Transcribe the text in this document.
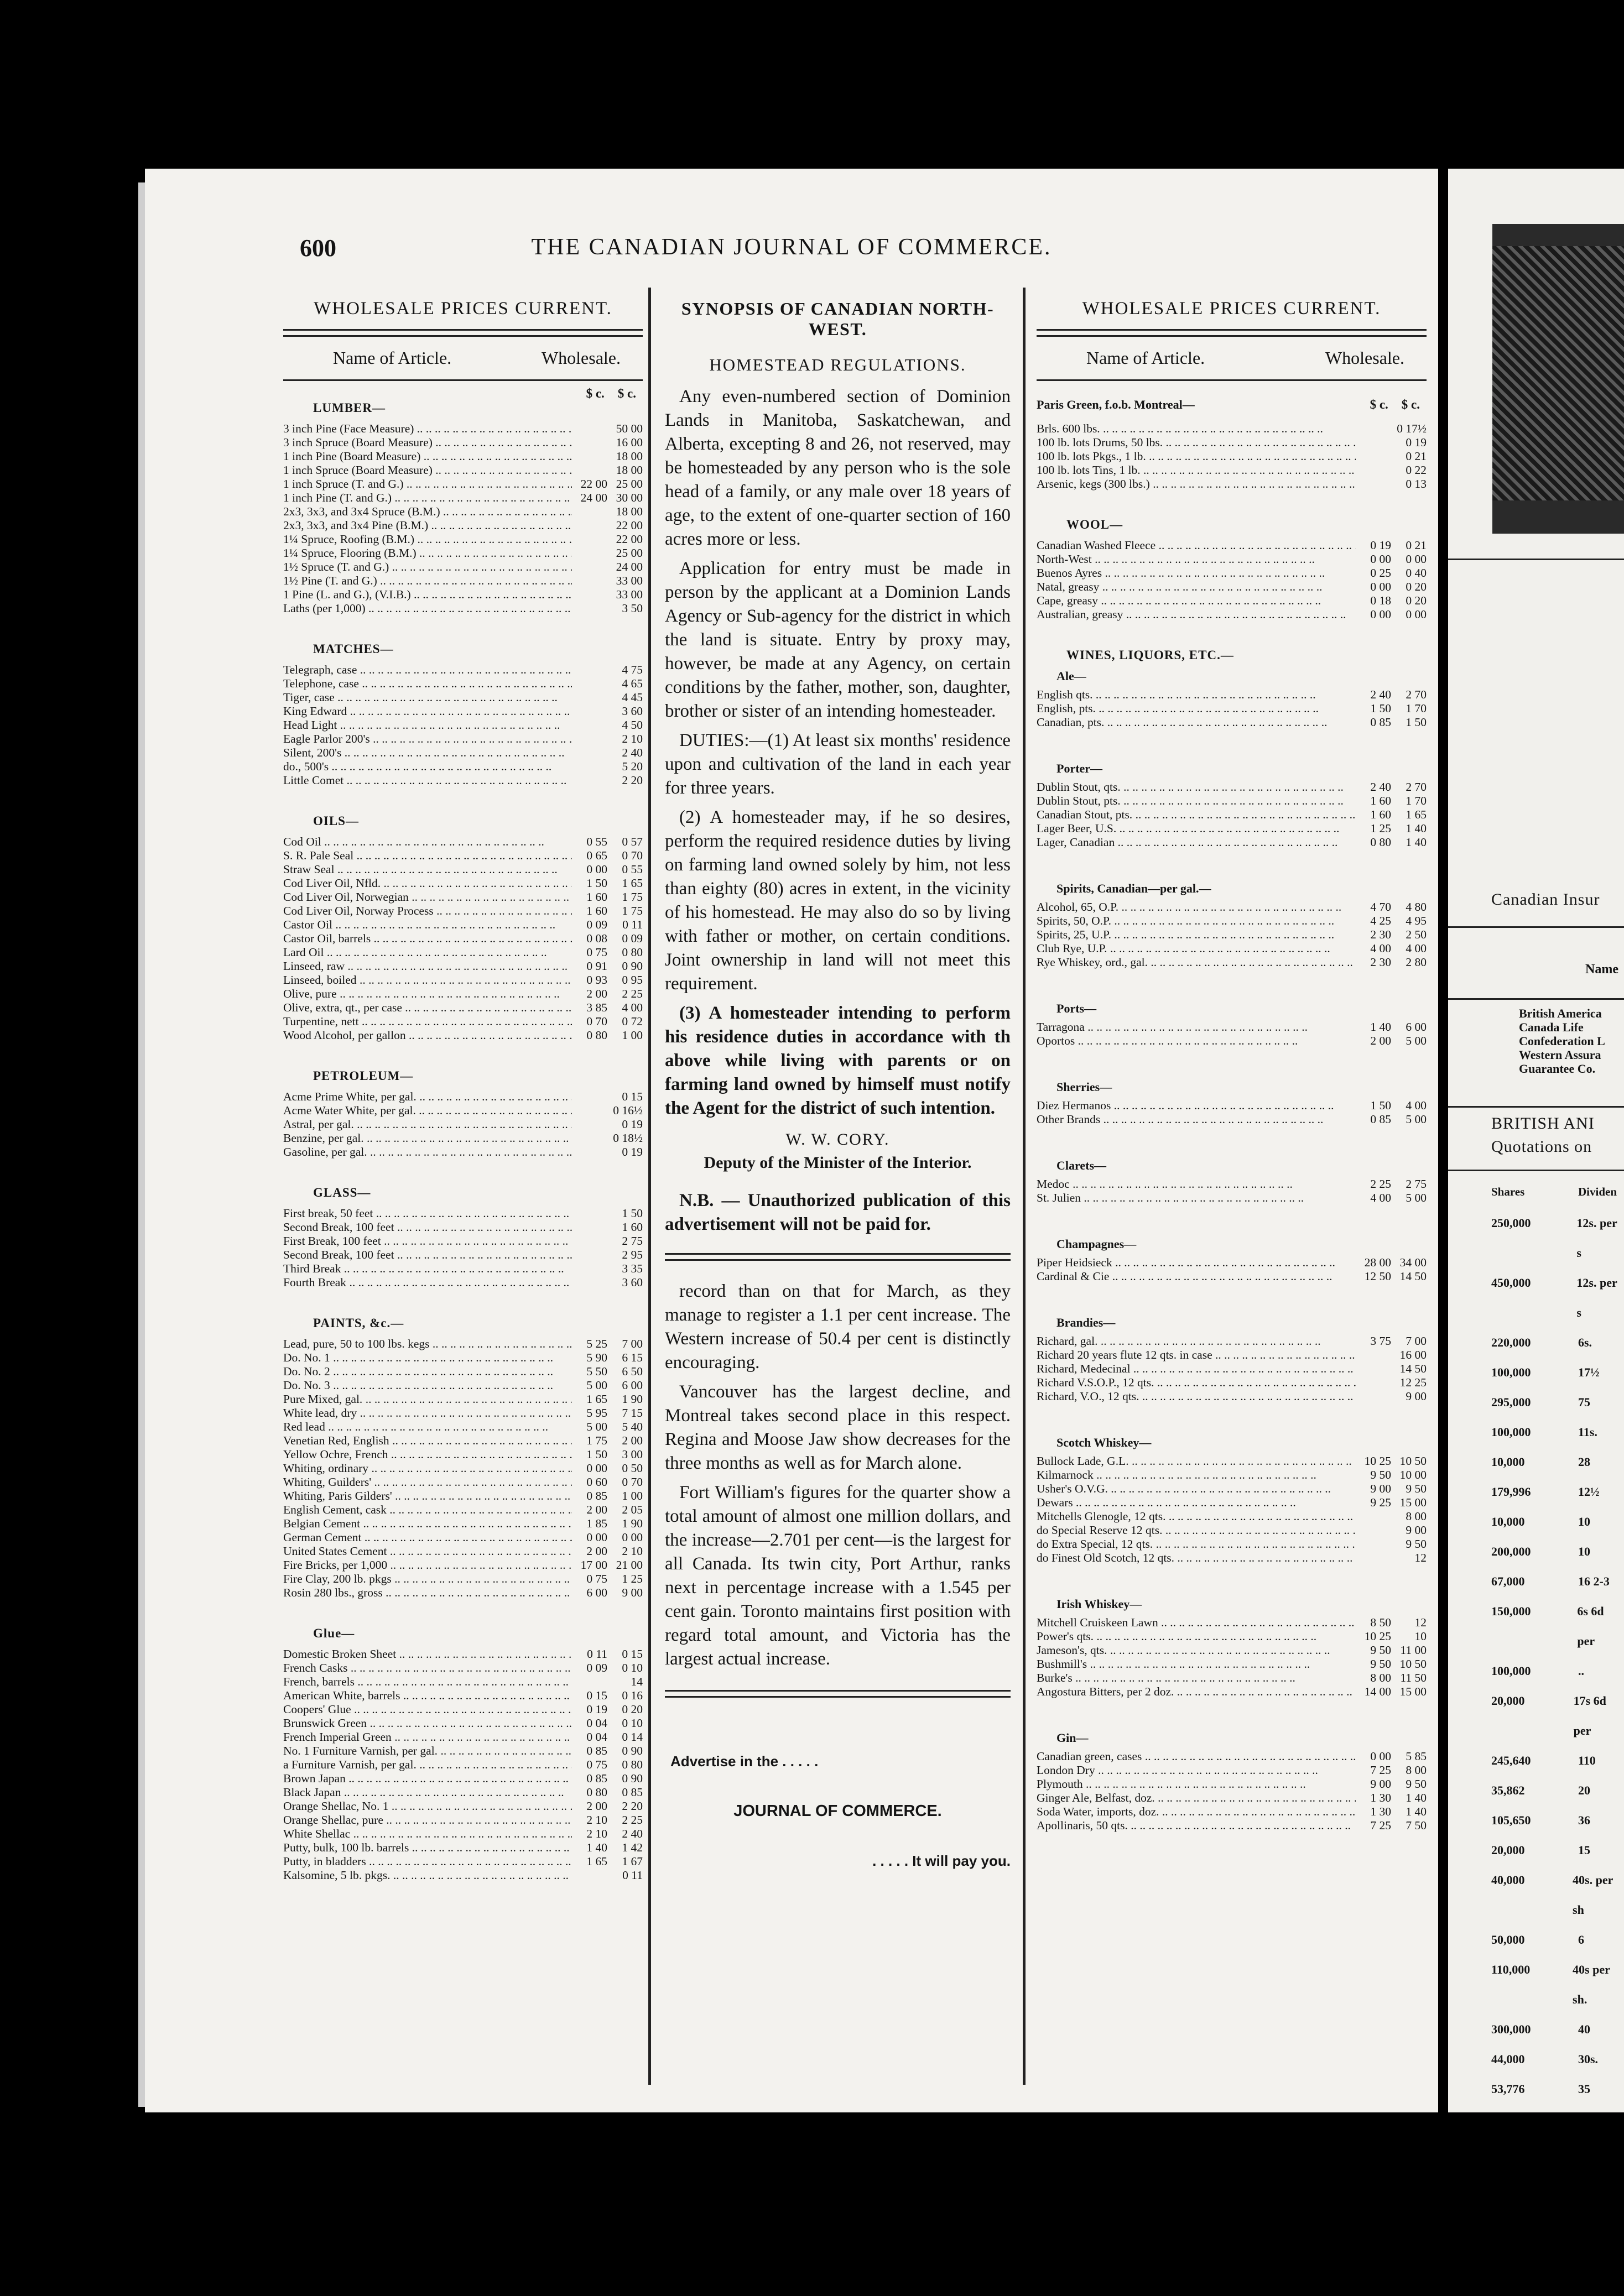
600	THE CANADIAN JOURNAL OF COMMERCE.

WHOLESALE PRICES CURRENT.

Name of Article.	Wholesale.
$ c. $ c.
LUMBER—
3 inch Pine (Face Measure) .. ..	50 00
3 inch Spruce (Board Measure) .. ..	16 00
1 inch Pine (Board Measure) .. ..	18 00
1 inch Spruce (Board Measure) .. ..	18 00
1 inch Spruce (T. and G.) .. ..	22 00 25 00
1 inch Pine (T. and G.) .. ..	24 00 30 00
2x3, 3x3, and 3x4 Spruce (B.M.) .. ..	18 00
2x3, 3x3, and 3x4 Pine (B.M.) .. ..	22 00
1¼ Spruce, Roofing (B.M.) .. ..	22 00
1¼ Spruce, Flooring (B.M.) .. ..	25 00
1½ Spruce (T. and G.) .. ..	24 00
1½ Pine (T. and G.) .. ..	33 00
1 Pine (L. and G.), (V.I.B.) .. ..	33 00
Laths (per 1,000) .. ..	3 50
MATCHES—
Telegraph, case .. ..	4 75
Telephone, case .. ..	4 65
Tiger, case .. ..	4 45
King Edward .. ..	3 60
Head Light .. ..	4 50
Eagle Parlor 200's .. ..	2 10
Silent, 200's .. ..	2 40
do., 500's .. ..	5 20
Little Comet .. ..	2 20
OILS—
Cod Oil .. ..	0 55	0 57
S. R. Pale Seal .. ..	0 65	0 70
Straw Seal .. ..	0 00	0 55
Cod Liver Oil, Nfld. .. ..	1 50	1 65
Cod Liver Oil, Norwegian .. ..	1 60	1 75
Cod Liver Oil, Norway Process .. ..	1 60	1 75
Castor Oil .. ..	0 09	0 11
Castor Oil, barrels .. ..	0 08	0 09
Lard Oil .. ..	0 75	0 80
Linseed, raw .. ..	0 91	0 90
Linseed, boiled .. ..	0 93	0 95
Olive, pure .. ..	2 00	2 25
Olive, extra, qt., per case .. ..	3 85	4 00
Turpentine, nett .. ..	0 70	0 72
Wood Alcohol, per gallon .. ..	0 80	1 00
PETROLEUM—
Acme Prime White, per gal. .. ..	0 15
Acme Water White, per gal. .. ..	0 16½
Astral, per gal. .. ..	0 19
Benzine, per gal. .. ..	0 18½
Gasoline, per gal. .. ..	0 19
GLASS—
First break, 50 feet .. ..	1 50
Second Break, 100 feet .. ..	1 60
First Break, 100 feet .. ..	2 75
Second Break, 100 feet .. ..	2 95
Third Break .. ..	3 35
Fourth Break .. ..	3 60
PAINTS, &c.—
Lead, pure, 50 to 100 lbs. kegs .. ..	5 25	7 00
Do. No. 1 .. ..	5 90	6 15
Do. No. 2 .. ..	5 50	6 50
Do. No. 3 .. ..	5 00	6 00
Pure Mixed, gal. .. ..	1 65	1 90
White lead, dry .. ..	5 95	7 15
Red lead .. ..	5 00	5 40
Venetian Red, English .. ..	1 75	2 00
Yellow Ochre, French .. ..	1 50	3 00
Whiting, ordinary .. ..	0 00	0 50
Whiting, Guilders' .. ..	0 60	0 70
Whiting, Paris Gilders' .. ..	0 85	1 00
English Cement, cask .. ..	2 00	2 05
Belgian Cement .. ..	1 85	1 90
German Cement .. ..	0 00	0 00
United States Cement .. ..	2 00	2 10
Fire Bricks, per 1,000 .. ..	17 00 21 00
Fire Clay, 200 lb. pkgs .. ..	0 75	1 25
Rosin 280 lbs., gross .. ..	6 00	9 00
Glue—
Domestic Broken Sheet .. ..	0 11	0 15
French Casks .. ..	0 09	0 10
French, barrels .. ..	14
American White, barrels .. ..	0 15	0 16
Coopers' Glue .. ..	0 19	0 20
Brunswick Green .. ..	0 04	0 10
French Imperial Green .. ..	0 04	0 14
No. 1 Furniture Varnish, per gal. .. ..	0 85	0 90
a Furniture Varnish, per gal. .. ..	0 75	0 80
Brown Japan .. ..	0 85	0 90
Black Japan .. ..	0 80	0 85
Orange Shellac, No. 1 .. ..	2 00	2 20
Orange Shellac, pure .. ..	2 10	2 25
White Shellac .. ..	2 10	2 40
Putty, bulk, 100 lb. barrels .. ..	1 40	1 42
Putty, in bladders .. ..	1 65	1 67
Kalsomine, 5 lb. pkgs. .. ..	0 11
SYNOPSIS OF CANADIAN NORTH-WEST.
HOMESTEAD REGULATIONS.

Any even-numbered section of Dominion Lands in Manitoba, Saskatchewan, and Alberta, excepting 8 and 26, not reserved, may be homesteaded by any person who is the sole head of a family, or any male over 18 years of age, to the extent of one-quarter section of 160 acres more or less.

Application for entry must be made in person by the applicant at a Dominion Lands Agency or Sub-agency for the district in which the land is situate. Entry by proxy may, however, be made at any Agency, on certain conditions by the father, mother, son, daughter, brother or sister of an intending homesteader.

DUTIES:—(1) At least six months' residence upon and cultivation of the land in each year for three years.

(2) A homesteader may, if he so desires, perform the required residence duties by living on farming land owned solely by him, not less than eighty (80) acres in extent, in the vicinity of his homestead. He may also do so by living with father or mother, on certain conditions. Joint ownership in land will not meet this requirement.

(3) A homesteader intending to perform his residence duties in accordance with th above while living with parents or on farming land owned by himself must notify the Agent for the district of such intention.

W. W. CORY.
Deputy of the Minister of the Interior.

N.B. — Unauthorized publication of this advertisement will not be paid for.

record than on that for March, as they manage to register a 1.1 per cent increase. The Western increase of 50.4 per cent is distinctly encouraging.

Vancouver has the largest decline, and Montreal takes second place in this respect. Regina and Moose Jaw show decreases for the three months as well as for March alone.

Fort William's figures for the quarter show a total amount of almost one million dollars, and the increase—2.701 per cent—is the largest for all Canada. Its twin city, Port Arthur, ranks next in percentage increase with a 1.545 per cent gain. Toronto maintains first position with regard total amount, and Victoria has the largest actual increase.

Advertise in the . . . . .
JOURNAL OF COMMERCE.
. . . . . It will pay you.

WHOLESALE PRICES CURRENT.

Name of Article.	Wholesale.
Paris Green, f.o.b. Montreal—	$ c. $ c.
Brls. 600 lbs. .. ..	0 17½
100 lb. lots Drums, 50 lbs. .. ..	0 19
100 lb. lots Pkgs., 1 lb. .. ..	0 21
100 lb. lots Tins, 1 lb. .. ..	0 22
Arsenic, kegs (300 lbs.) .. ..	0 13
WOOL—
Canadian Washed Fleece .. ..	0 19	0 21
North-West .. ..	0 00	0 00
Buenos Ayres .. ..	0 25	0 40
Natal, greasy .. ..	0 00	0 20
Cape, greasy .. ..	0 18	0 20
Australian, greasy .. ..	0 00	0 00
WINES, LIQUORS, ETC.—
Ale—
English qts. .. ..	2 40	2 70
English, pts. .. ..	1 50	1 70
Canadian, pts. .. ..	0 85	1 50
Porter—
Dublin Stout, qts. .. ..	2 40	2 70
Dublin Stout, pts. .. ..	1 60	1 70
Canadian Stout, pts. .. ..	1 60	1 65
Lager Beer, U.S. .. ..	1 25	1 40
Lager, Canadian .. ..	0 80	1 40
Spirits, Canadian—per gal.—
Alcohol, 65, O.P. .. ..	4 70	4 80
Spirits, 50, O.P. .. ..	4 25	4 95
Spirits, 25, U.P. .. ..	2 30	2 50
Club Rye, U.P. .. ..	4 00	4 00
Rye Whiskey, ord., gal. .. ..	2 30	2 80
Ports—
Tarragona .. ..	1 40	6 00
Oportos .. ..	2 00	5 00
Sherries—
Diez Hermanos .. ..	1 50	4 00
Other Brands .. ..	0 85	5 00
Clarets—
Medoc .. ..	2 25	2 75
St. Julien .. ..	4 00	5 00
Champagnes—
Piper Heidsieck .. ..	28 00 34 00
Cardinal & Cie .. ..	12 50 14 50
Brandies—
Richard, gal. .. ..	3 75	7 00
Richard 20 years flute 12 qts. in case .. ..	16 00
Richard, Medecinal .. ..	14 50
Richard V.S.O.P., 12 qts. .. ..	12 25
Richard, V.O., 12 qts. .. ..	9 00
Scotch Whiskey—
Bullock Lade, G.L. .. ..	10 25 10 50
Kilmarnock .. ..	9 50 10 00
Usher's O.V.G. .. ..	9 00	9 50
Dewars .. ..	9 25 15 00
Mitchells Glenogle, 12 qts. .. ..	8 00
do Special Reserve 12 qts. .. ..	9 00
do Extra Special, 12 qts. .. ..	9 50
do Finest Old Scotch, 12 qts. .. ..	12
Irish Whiskey—
Mitchell Cruiskeen Lawn .. ..	8 50	12
Power's qts. .. ..	10 25	10
Jameson's, qts. .. ..	9 50 11 00
Bushmill's .. ..	9 50 10 50
Burke's .. ..	8 00 11 50
Angostura Bitters, per 2 doz. .. ..	14 00 15 00
Gin—
Canadian green, cases .. ..	0 00	5 85
London Dry .. ..	7 25	8 00
Plymouth .. ..	9 00	9 50
Ginger Ale, Belfast, doz. .. ..	1 30	1 40
Soda Water, imports, doz. .. ..	1 30	1 40
Apollinaris, 50 qts. .. ..	7 25	7 50
Canadian Insur
Name
British America
Canada Life
Confederation L
Western Assura
Guarantee Co.
BRITISH ANI
Quotations on
Shares	Dividen
250,000	12s. per s
450,000	12s. per s
220,000	6s.
100,000	17½
295,000	75
100,000	11s.
10,000	28
179,996	12½
10,000	10
200,000	10
67,000	16 2-3
150,000	6s 6d per
100,000	..
20,000	17s 6d per
245,640	110
35,862	20
105,650	36
20,000	15
40,000	40s. per sh
50,000	6
110,000	40s per sh.
300,000	40
44,000	30s.
53,776	35
